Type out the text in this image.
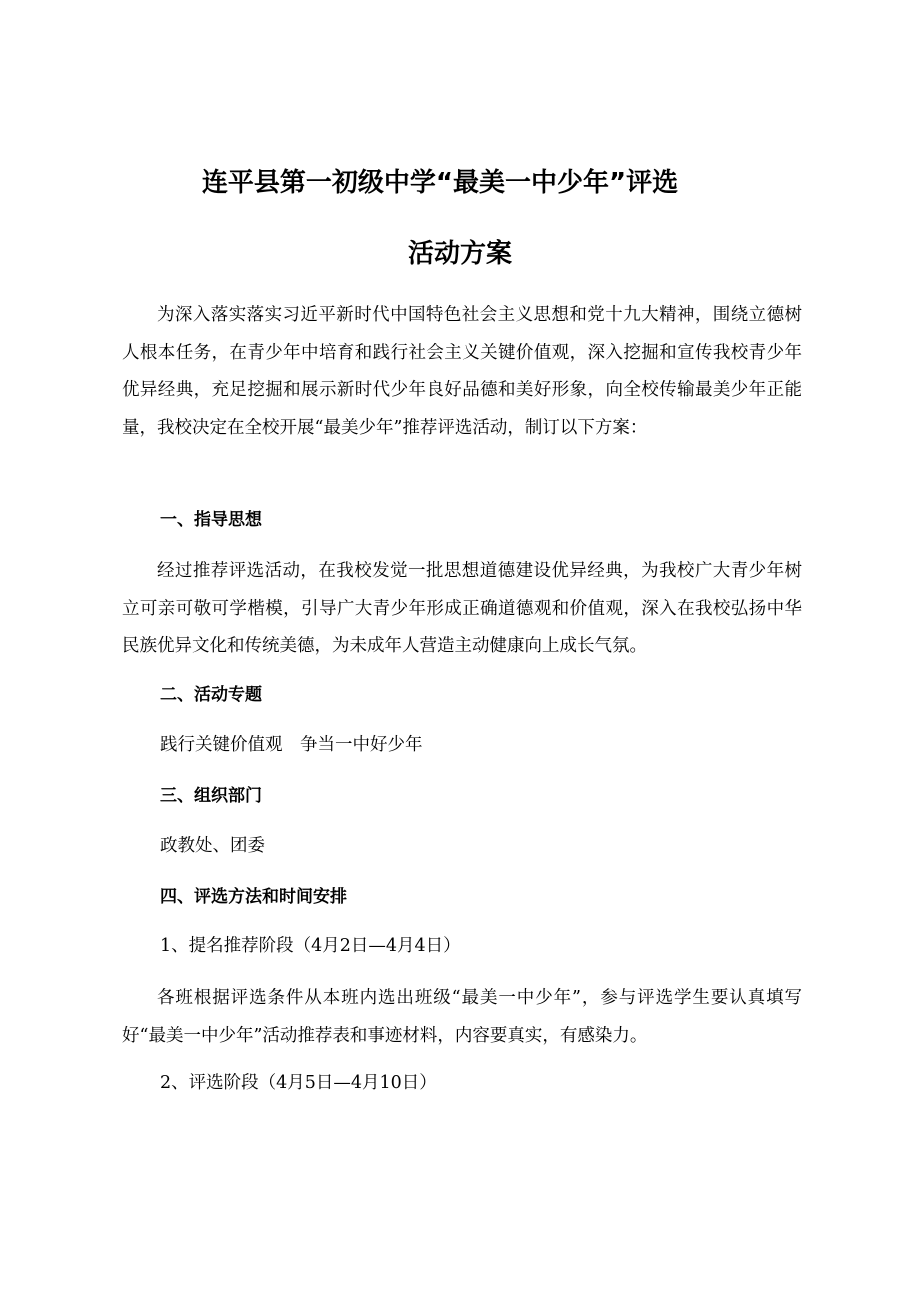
连平县第一初级中学“最美一中少年”评选
活动方案
为深入落实落实习近平新时代中国特色社会主义思想和党十九大精神，围绕立德树人根本任务，在青少年中培育和践行社会主义关键价值观，深入挖掘和宣传我校青少年优异经典，充足挖掘和展示新时代少年良好品德和美好形象，向全校传输最美少年正能量，我校决定在全校开展“最美少年”推荐评选活动，制订以下方案：
一、指导思想
经过推荐评选活动，在我校发觉一批思想道德建设优异经典，为我校广大青少年树立可亲可敬可学楷模，引导广大青少年形成正确道德观和价值观，深入在我校弘扬中华民族优异文化和传统美德，为未成年人营造主动健康向上成长气氛。
二、活动专题
践行关键价值观　争当一中好少年
三、组织部门
政教处、团委
四、评选方法和时间安排
1、提名推荐阶段（4月2日—4月4日）
各班根据评选条件从本班内选出班级“最美一中少年”，参与评选学生要认真填写好“最美一中少年”活动推荐表和事迹材料，内容要真实，有感染力。
2、评选阶段（4月5日—4月10日）
